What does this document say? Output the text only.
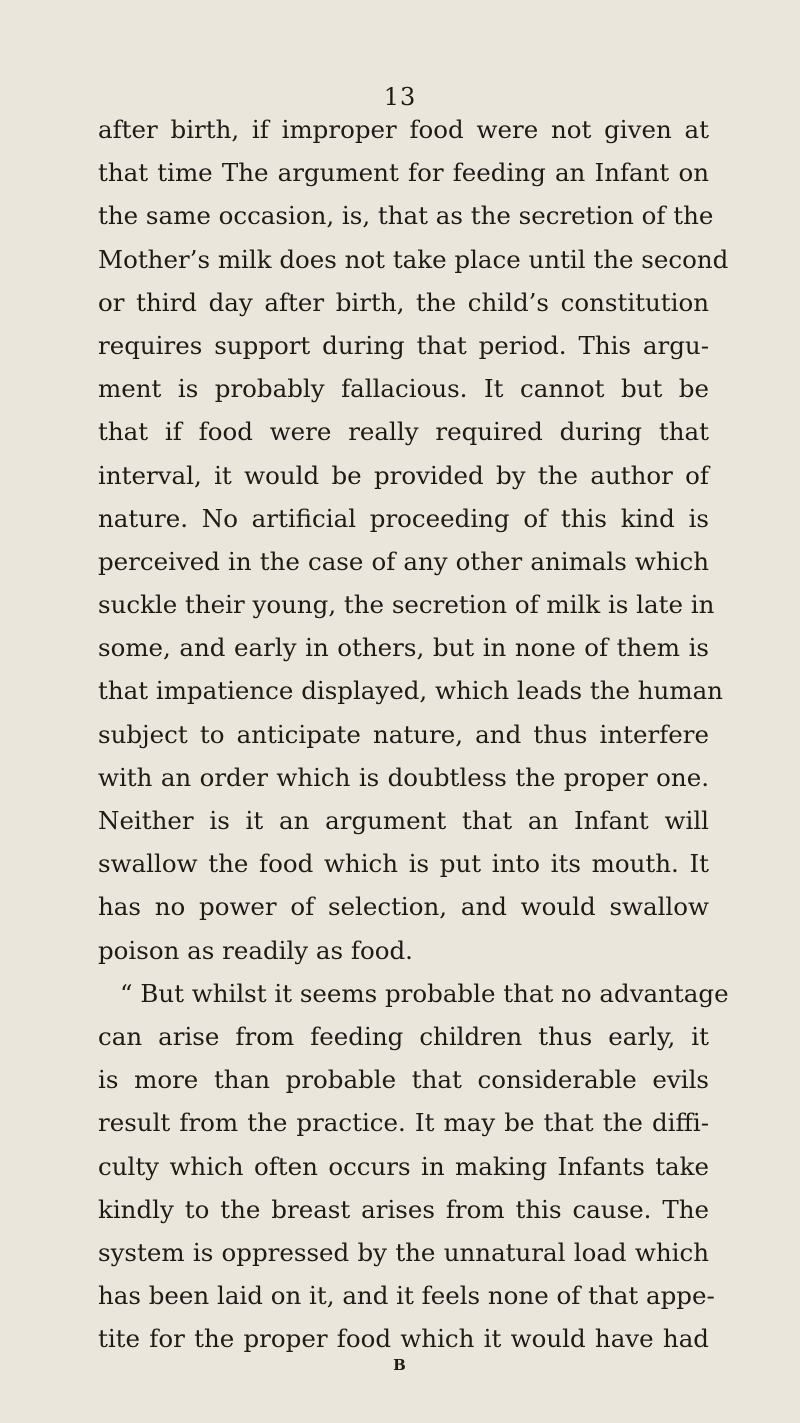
13
after birth, if improper food were not given at
that time The argument for feeding an Infant on
the same occasion, is, that as the secretion of the
Mother’s milk does not take place until the second
or third day after birth, the child’s constitution
requires support during that period. This argu-
ment is probably fallacious. It cannot but be
that if food were really required during that
interval, it would be provided by the author of
nature. No artificial proceeding of this kind is
perceived in the case of any other animals which
suckle their young, the secretion of milk is late in
some, and early in others, but in none of them is
that impatience displayed, which leads the human
subject to anticipate nature, and thus interfere
with an order which is doubtless the proper one.
Neither is it an argument that an Infant will
swallow the food which is put into its mouth. It
has no power of selection, and would swallow
poison as readily as food.
“ But whilst it seems probable that no advantage
can arise from feeding children thus early, it
is more than probable that considerable evils
result from the practice. It may be that the diffi-
culty which often occurs in making Infants take
kindly to the breast arises from this cause. The
system is oppressed by the unnatural load which
has been laid on it, and it feels none of that appe-
tite for the proper food which it would have had
B
